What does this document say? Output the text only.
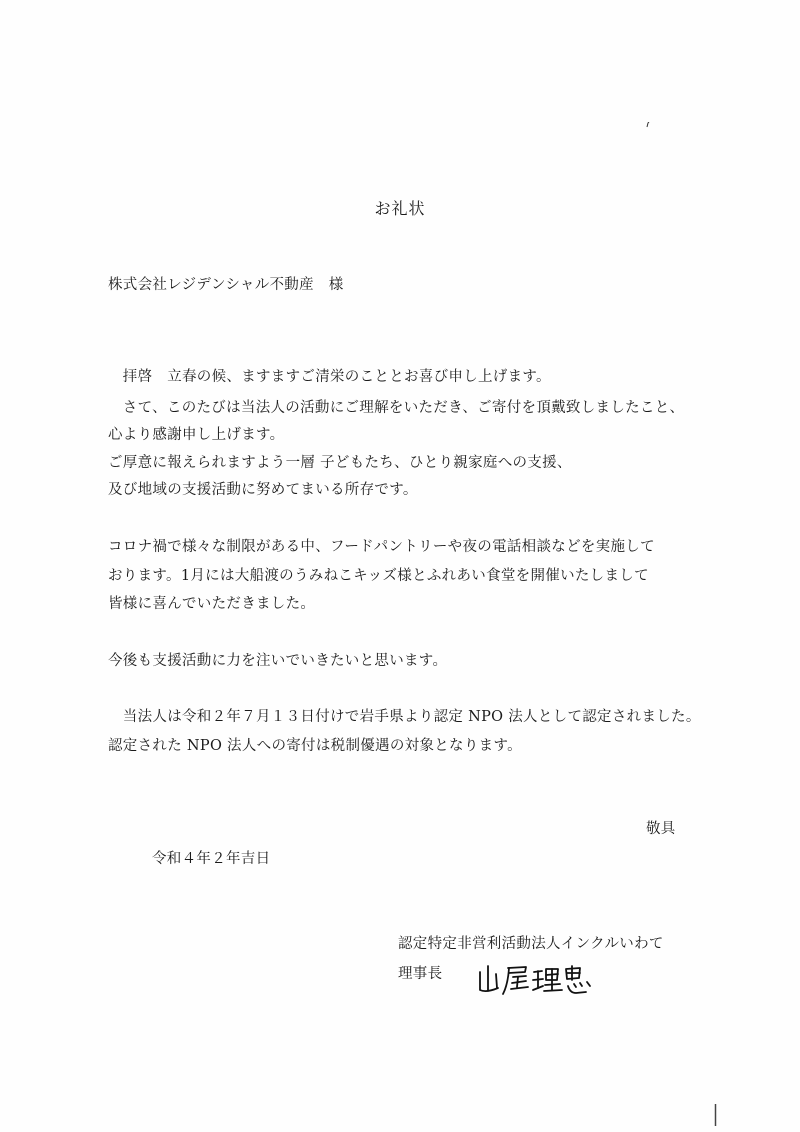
お礼状
株式会社レジデンシャル不動産　様
　拝啓　立春の候、ますますご清栄のこととお喜び申し上げます。
　さて、このたびは当法人の活動にご理解をいただき、ご寄付を頂戴致しましたこと、
心より感謝申し上げます。
ご厚意に報えられますよう一層 子どもたち、ひとり親家庭への支援、
及び地域の支援活動に努めてまいる所存です。
コロナ禍で様々な制限がある中、フードパントリーや夜の電話相談などを実施して
おります。1月には大船渡のうみねこキッズ様とふれあい食堂を開催いたしまして
皆様に喜んでいただきました。
今後も支援活動に力を注いでいきたいと思います。
　当法人は令和２年７月１３日付けで岩手県より認定 NPO 法人として認定されました。
認定された NPO 法人への寄付は税制優遇の対象となります。
敬具
令和４年２年吉日
認定特定非営利活動法人インクルいわて
理事長
